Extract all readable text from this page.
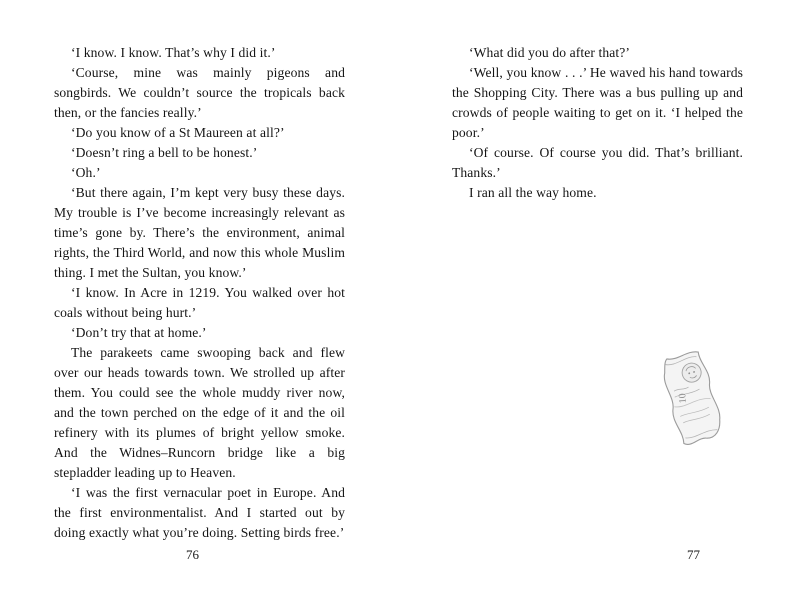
‘I know. I know. That’s why I did it.’

‘Course, mine was mainly pigeons and songbirds. We couldn’t source the tropicals back then, or the fancies really.’

‘Do you know of a St Maureen at all?’

‘Doesn’t ring a bell to be honest.’

‘Oh.’

‘But there again, I’m kept very busy these days. My trouble is I’ve become increasingly relevant as time’s gone by. There’s the environment, animal rights, the Third World, and now this whole Muslim thing. I met the Sultan, you know.’

‘I know. In Acre in 1219. You walked over hot coals without being hurt.’

‘Don’t try that at home.’

The parakeets came swooping back and flew over our heads towards town. We strolled up after them. You could see the whole muddy river now, and the town perched on the edge of it and the oil refinery with its plumes of bright yellow smoke. And the Widnes–Runcorn bridge like a big stepladder leading up to Heaven.

‘I was the first vernacular poet in Europe. And the first environmentalist. And I started out by doing exactly what you’re doing. Setting birds free.’

76

‘What did you do after that?’

‘Well, you know . . .’ He waved his hand towards the Shopping City. There was a bus pulling up and crowds of people waiting to get on it. ‘I helped the poor.’

‘Of course. Of course you did. That’s brilliant. Thanks.’

I ran all the way home.

10
77
